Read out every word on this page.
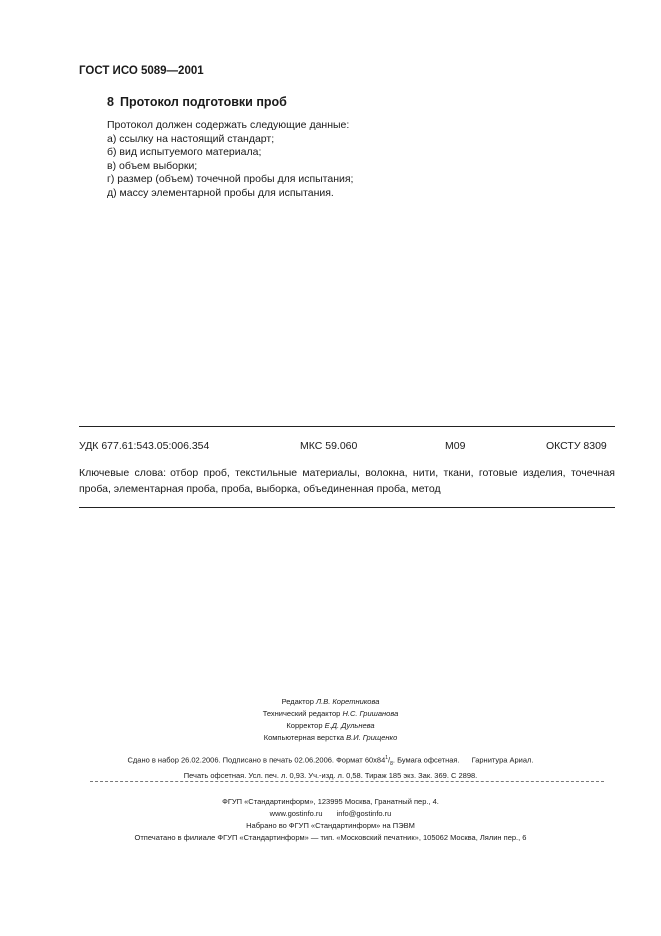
ГОСТ ИСО 5089—2001
8 Протокол подготовки проб
Протокол должен содержать следующие данные:
а) ссылку на настоящий стандарт;
б) вид испытуемого материала;
в) объем выборки;
г) размер (объем) точечной пробы для испытания;
д) массу элементарной пробы для испытания.
УДК 677.61:543.05:006.354	МКС 59.060	М09	ОКСТУ 8309
Ключевые слова: отбор проб, текстильные материалы, волокна, нити, ткани, готовые изделия, точечная проба, элементарная проба, проба, выборка, объединенная проба, метод
Редактор Л.В. Коретникова
Технический редактор Н.С. Гришанова
Корректор Е.Д. Дульнева
Компьютерная верстка В.И. Грищенко
Сдано в набор 26.02.2006. Подписано в печать 02.06.2006. Формат $60x84^1/_8$. Бумага офсетная. Гарнитура Ариал.
Печать офсетная. Усл. печ. л. 0,93. Уч.-изд. л. 0,58. Тираж 185 экз. Зак. 369. С 2898.
ФГУП «Стандартинформ», 123995 Москва, Гранатный пер., 4.
www.gostinfo.ru info@gostinfo.ru
Набрано во ФГУП «Стандартинформ» на ПЭВМ
Отпечатано в филиале ФГУП «Стандартинформ» — тип. «Московский печатник», 105062 Москва, Лялин пер., 6
